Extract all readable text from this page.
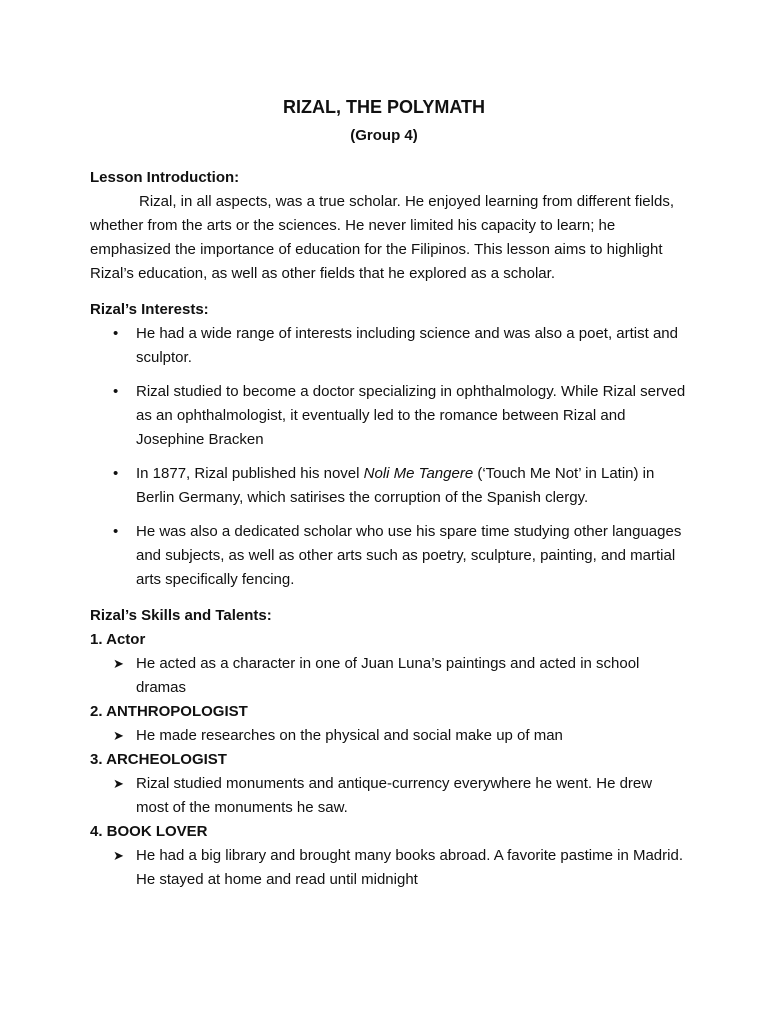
RIZAL, THE POLYMATH
(Group 4)

Lesson Introduction:

Rizal, in all aspects, was a true scholar. He enjoyed learning from different fields, whether from the arts or the sciences. He never limited his capacity to learn; he emphasized the importance of education for the Filipinos. This lesson aims to highlight Rizal’s education, as well as other fields that he explored as a scholar.

Rizal’s Interests:

• He had a wide range of interests including science and was also a poet, artist and sculptor.
• Rizal studied to become a doctor specializing in ophthalmology. While Rizal served as an ophthalmologist, it eventually led to the romance between Rizal and Josephine Bracken
• In 1877, Rizal published his novel Noli Me Tangere (‘Touch Me Not’ in Latin) in Berlin Germany, which satirises the corruption of the Spanish clergy.
• He was also a dedicated scholar who use his spare time studying other languages and subjects, as well as other arts such as poetry, sculpture, painting, and martial arts specifically fencing.

Rizal’s Skills and Talents:

1. Actor

➤ He acted as a character in one of Juan Luna’s paintings and acted in school dramas

2. ANTHROPOLOGIST

➤ He made researches on the physical and social make up of man

3. ARCHEOLOGIST

➤ Rizal studied monuments and antique-currency everywhere he went. He drew most of the monuments he saw.

4. BOOK LOVER

➤ He had a big library and brought many books abroad. A favorite pastime in Madrid. He stayed at home and read until midnight
